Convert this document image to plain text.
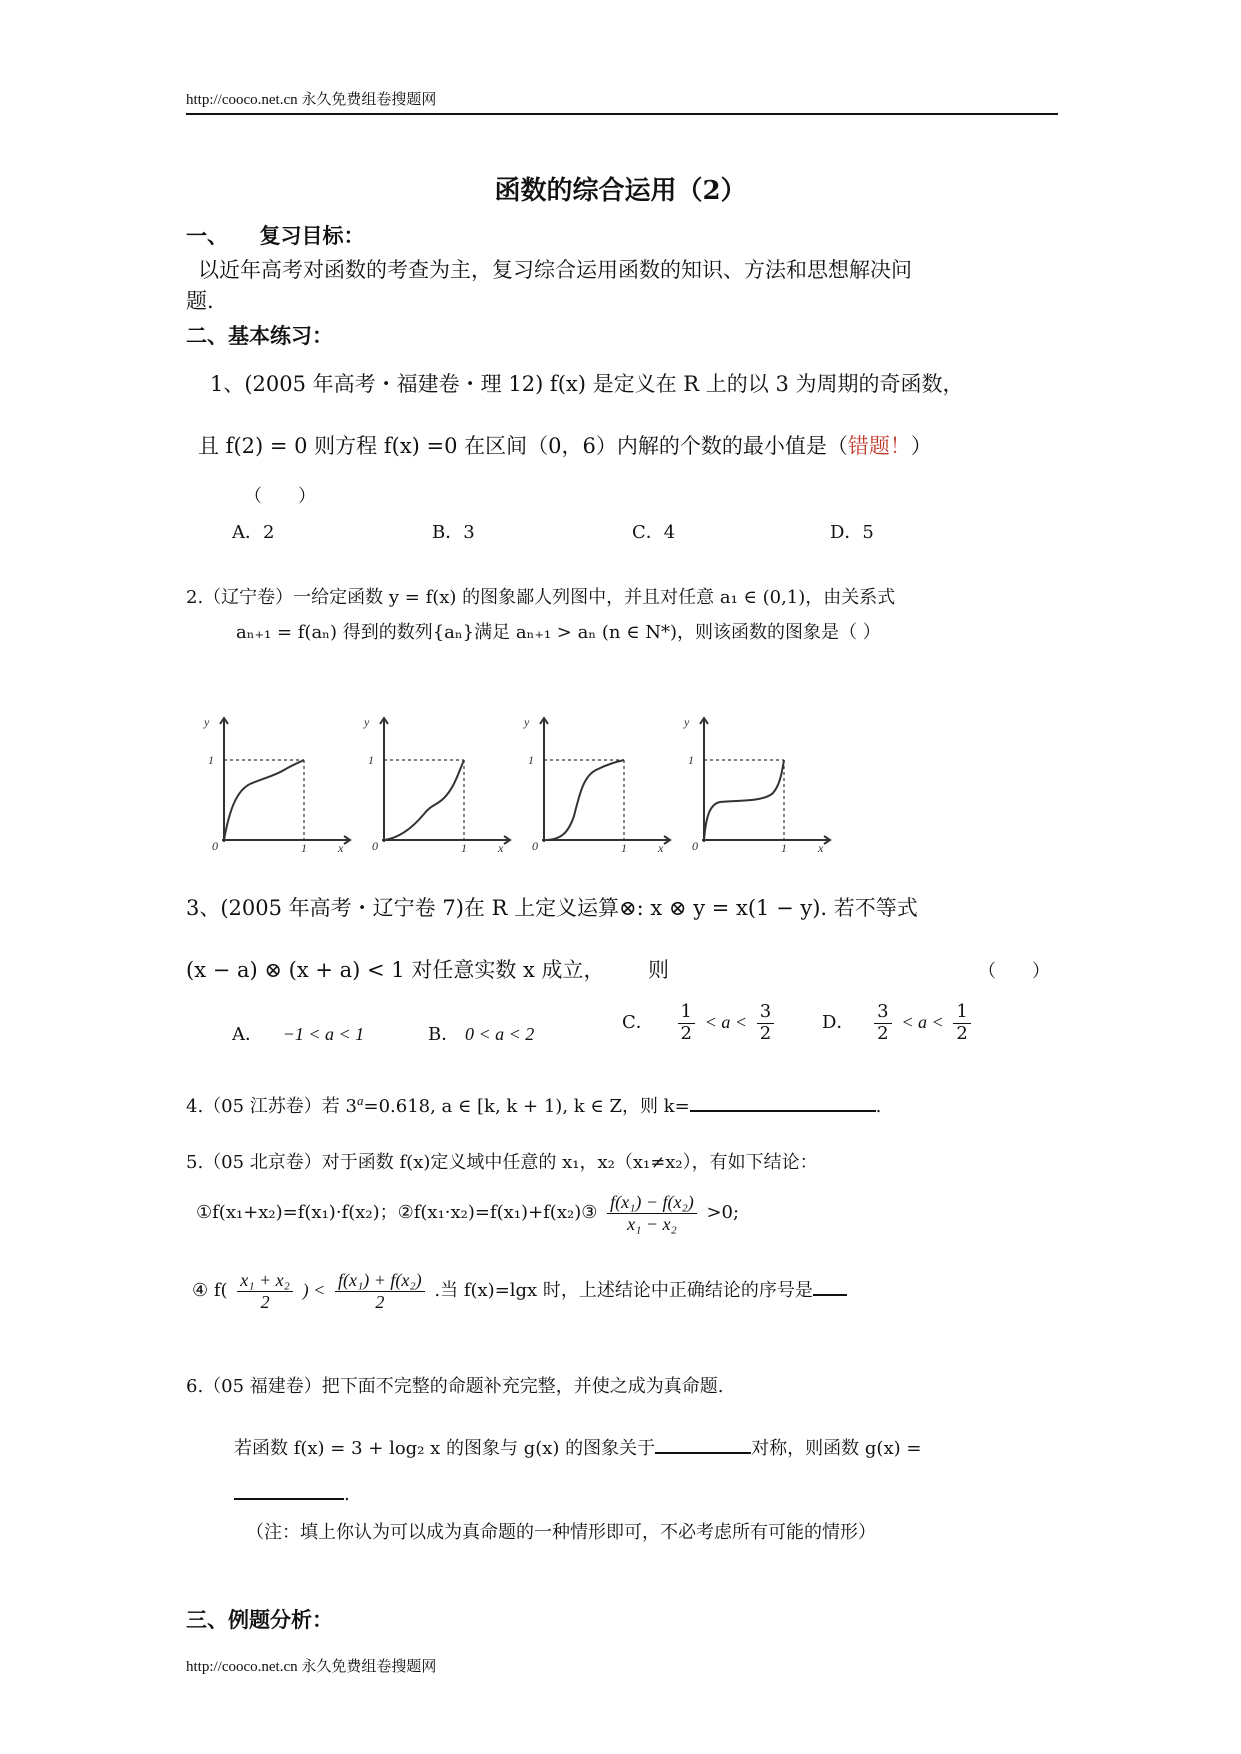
http://cooco.net.cn 永久免费组卷搜题网
函数的综合运用（2）
一、　　复习目标：
以近年高考对函数的考查为主，复习综合运用函数的知识、方法和思想解决问
题.
二、基本练习：
1、(2005 年高考・福建卷・理 12) f(x) 是定义在 R 上的以 3 为周期的奇函数，
且 f(2) = 0 则方程 f(x) =0 在区间（0，6）内解的个数的最小值是（错题！）
（　　）
A．2	B．3	C．4	D．5
2.（辽宁卷）一给定函数 y = f(x) 的图象鄙人列图中，并且对任意 a₁ ∈ (0,1)，由关系式
aₙ₊₁ = f(aₙ) 得到的数列{aₙ}满足 aₙ₊₁ > aₙ (n ∈ N*)，则该函数的图象是（ ）
y
1
0	1	x
y
1
0	1	x
y
1
0	1	x
y
1
0	1	x
3、(2005 年高考・辽宁卷 7)在 R 上定义运算⊗: x ⊗ y = x(1 − y). 若不等式
(x − a) ⊗ (x + a) < 1 对任意实数 x 成立， 则	（　　）
A． −1 < a < 1	B． 0 < a < 2
C． $\frac{1}{2} < a < \frac{3}{2}$	D． $\frac{3}{2} < a < \frac{1}{2}$
4.（05 江苏卷）若 $3^a=0.618$, a ∈ [k, k + 1), k ∈ Z，则 k=	.
5.（05 北京卷）对于函数 f(x)定义域中任意的 x₁，x₂（x₁≠x₂），有如下结论：
①f(x₁+x₂)=f(x₁)·f(x₂)；②f(x₁·x₂)=f(x₁)+f(x₂)③ $\frac{\text{f(x₁) − f(x₂)}}{\text{x₁ − x₂}} >0$;
④ $f( \frac{\text{x₁ + x₂}}{2}$ ) < $\frac{\text{f(x₁) + f(x₂)}}{2}$ .当 f(x)=lgx 时，上述结论中正确结论的序号是
6.（05 福建卷）把下面不完整的命题补充完整，并使之成为真命题.
若函数 f(x) = 3 + log₂ x 的图象与 g(x) 的图象关于	对称，则函数 g(x) =
.
（注：填上你认为可以成为真命题的一种情形即可，不必考虑所有可能的情形）
三、例题分析：
http://cooco.net.cn 永久免费组卷搜题网
